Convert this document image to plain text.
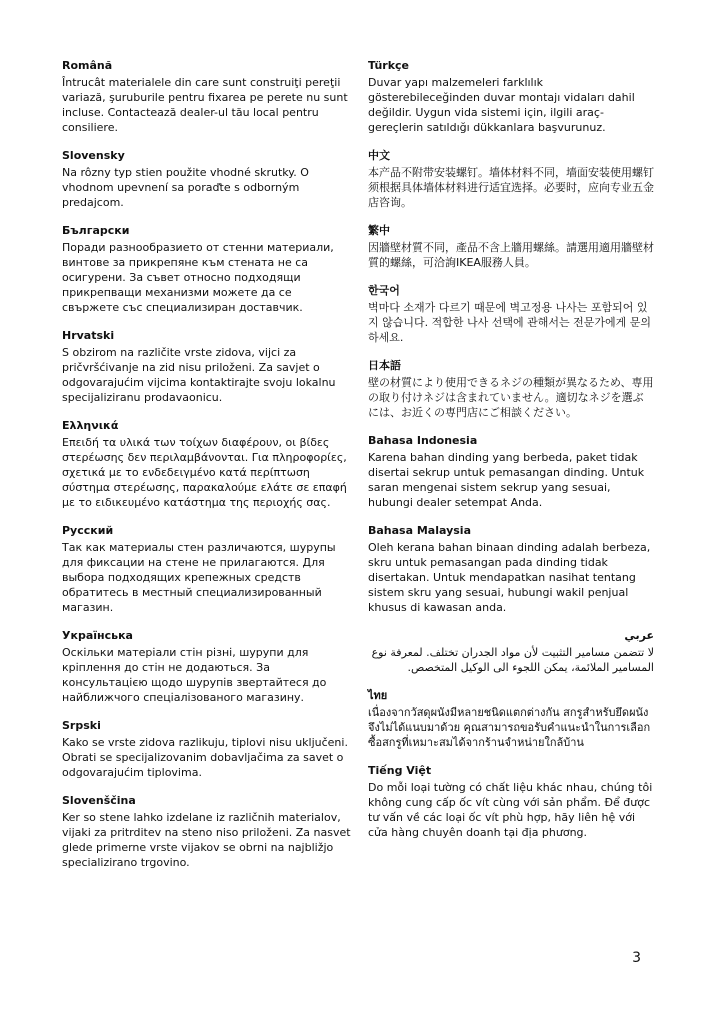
Română

Întrucât materialele din care sunt construiţi pereţii variază, şuruburile pentru fixarea pe perete nu sunt incluse. Contactează dealer-ul tău local pentru consiliere.

Slovensky

Na rôzny typ stien použite vhodné skrutky. O vhodnom upevnení sa poraďte s odborným predajcom.

Български

Поради разнообразието от стенни материали, винтове за прикрепяне към стената не са осигурени. За съвет относно подходящи прикрепващи механизми можете да се свържете със специализиран доставчик.

Hrvatski

S obzirom na različite vrste zidova, vijci za pričvršćivanje na zid nisu priloženi. Za savjet o odgovarajućim vijcima kontaktirajte svoju lokalnu specijaliziranu prodavaonicu.

Ελληνικά

Επειδή τα υλικά των τοίχων διαφέρουν, οι βίδες στερέωσης δεν περιλαμβάνονται. Για πληροφορίες, σχετικά με το ενδεδειγμένο κατά περίπτωση σύστημα στερέωσης, παρακαλούμε ελάτε σε επαφή με το ειδικευμένο κατάστημα της περιοχής σας.

Русский

Так как материалы стен различаются, шурупы для фиксации на стене не прилагаются. Для выбора подходящих крепежных средств обратитесь в местный специализированный магазин.

Українська

Оскільки матеріали стін різні, шурупи для кріплення до стін не додаються. За консультацією щодо шурупів звертайтеся до найближчого спеціалізованого магазину.

Srpski

Kako se vrste zidova razlikuju, tiplovi nisu uključeni. Obrati se specijalizovanim dobavljačima za savet o odgovarajućim tiplovima.

Slovenščina

Ker so stene lahko izdelane iz različnih materialov, vijaki za pritrditev na steno niso priloženi. Za nasvet glede primerne vrste vijakov se obrni na najbližjo specializirano trgovino.

Türkçe

Duvar yapı malzemeleri farklılık gösterebileceğinden duvar montajı vidaları dahil değildir. Uygun vida sistemi için, ilgili araç-gereçlerin satıldığı dükkanlara başvurunuz.

中文

本产品不附带安装螺钉。墙体材料不同，墙面安装使用螺钉须根据具体墙体材料进行适宜选择。必要时，应向专业五金店咨询。

繁中

因牆壁材質不同，產品不含上牆用螺絲。請選用適用牆壁材質的螺絲，可洽詢IKEA服務人員。

한국어

벽마다 소재가 다르기 때문에 벽고정용 나사는 포함되어 있지 않습니다. 적합한 나사 선택에 관해서는 전문가에게 문의하세요.

日本語

壁の材質により使用できるネジの種類が異なるため、専用の取り付けネジは含まれていません。適切なネジを選ぶには、お近くの専門店にご相談ください。

Bahasa Indonesia

Karena bahan dinding yang berbeda, paket tidak disertai sekrup untuk pemasangan dinding. Untuk saran mengenai sistem sekrup yang sesuai, hubungi dealer setempat Anda.

Bahasa Malaysia

Oleh kerana bahan binaan dinding adalah berbeza, skru untuk pemasangan pada dinding tidak disertakan. Untuk mendapatkan nasihat tentang sistem skru yang sesuai, hubungi wakil penjual khusus di kawasan anda.

عربي

لا تتضمن مسامير التثبيت لأن مواد الجدران تختلف. لمعرفة نوع المسامير الملائمة، يمكن اللجوء الى الوكيل المتخصص.

ไทย

เนื่องจากวัสดุผนังมีหลายชนิดแตกต่างกัน สกรูสำหรับยึดผนังจึงไม่ได้แนบมาด้วย คุณสามารถขอรับคำแนะนำในการเลือกซื้อสกรูที่เหมาะสมได้จากร้านจำหน่ายใกล้บ้าน

Tiếng Việt

Do mỗi loại tường có chất liệu khác nhau, chúng tôi không cung cấp ốc vít cùng với sản phẩm. Để được tư vấn về các loại ốc vít phù hợp, hãy liên hệ với cửa hàng chuyên doanh tại địa phương.

3
